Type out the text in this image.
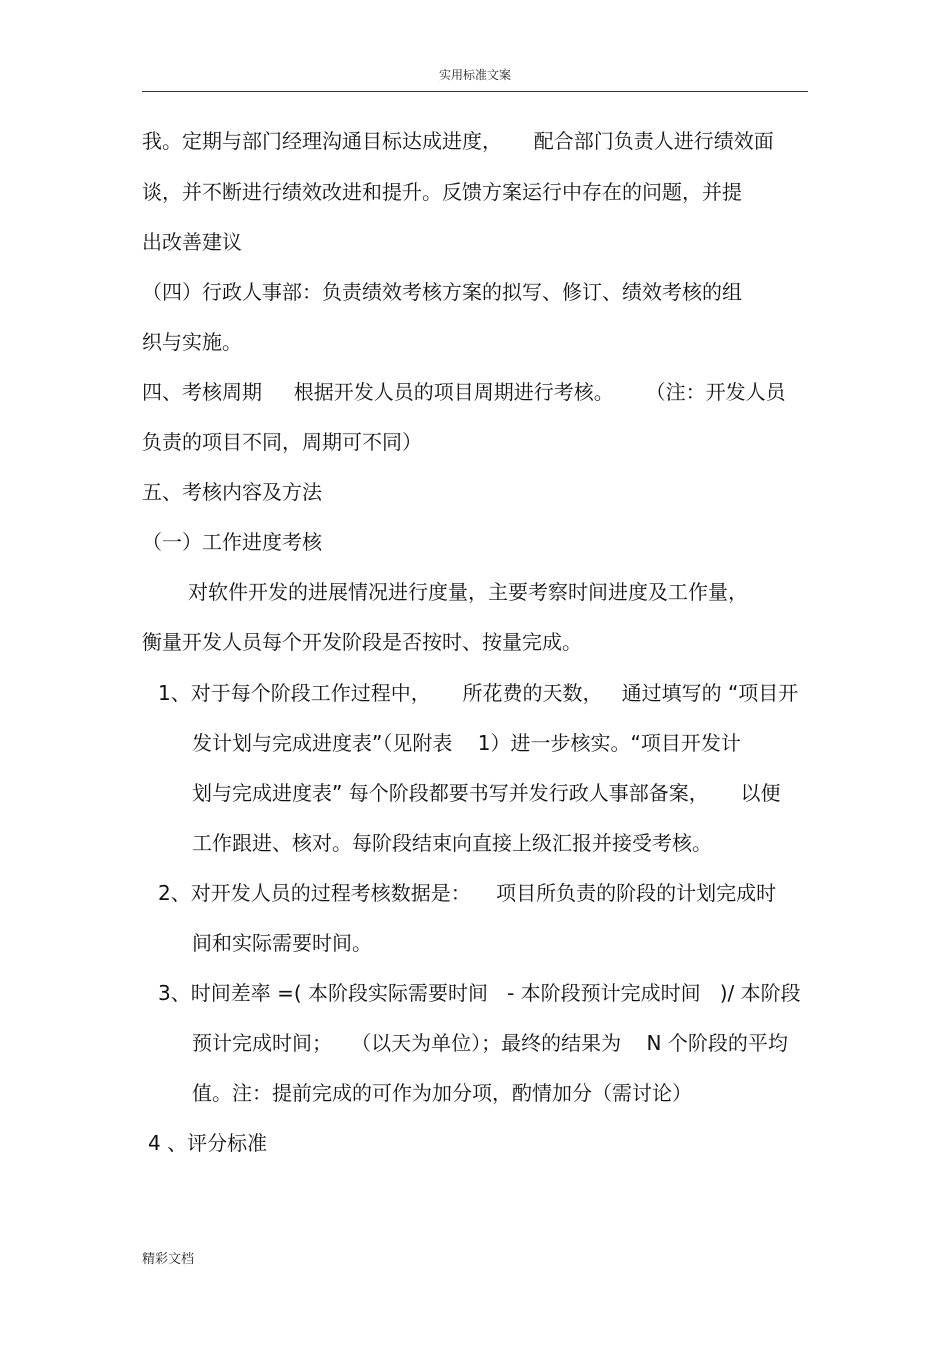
实用标准文案
我。定期与部门经理沟通目标达成进度，     配合部门负责人进行绩效面
谈，并不断进行绩效改进和提升。反馈方案运行中存在的问题，并提
出改善建议
（四）行政人事部：负责绩效考核方案的拟写、修订、绩效考核的组
织与实施。
四、考核周期     根据开发人员的项目周期进行考核。     （注：开发人员
负责的项目不同，周期可不同）
五、考核内容及方法
（一）工作进度考核
对软件开发的进展情况进行度量，主要考察时间进度及工作量，
衡量开发人员每个开发阶段是否按时、按量完成。
1、对于每个阶段工作过程中，     所花费的天数，   通过填写的 “项目开
发计划与完成进度表”（见附表    1）进一步核实。“项目开发计
划与完成进度表” 每个阶段都要书写并发行政人事部备案，     以便
工作跟进、核对。每阶段结束向直接上级汇报并接受考核。
2、对开发人员的过程考核数据是：    项目所负责的阶段的计划完成时
间和实际需要时间。
3、时间差率 =( 本阶段实际需要时间   - 本阶段预计完成时间   )/ 本阶段
预计完成时间；   （以天为单位）；最终的结果为    N 个阶段的平均
值。注：提前完成的可作为加分项，酌情加分（需讨论）
4 、评分标准
精彩文档
